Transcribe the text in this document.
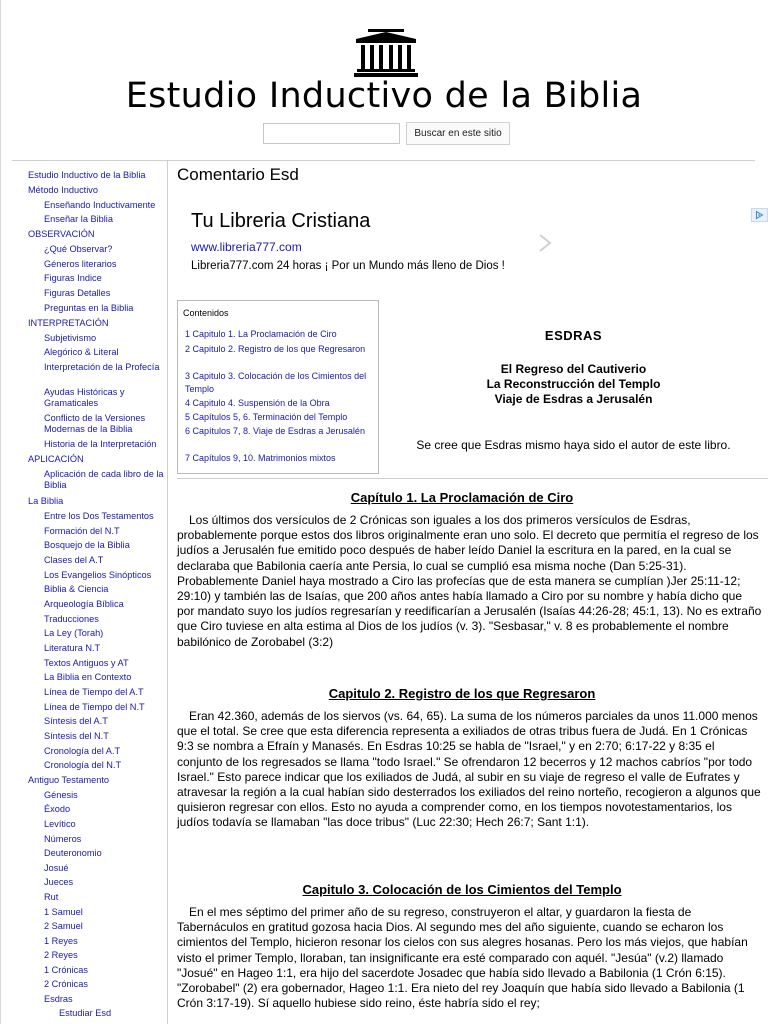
Estudio Inductivo de la Biblia
Buscar en este sitio
Estudio Inductivo de la Biblia
Método Inductivo
Enseñando Inductivamente
Enseñar la Biblia
OBSERVACIÓN
¿Qué Observar?
Géneros literarios
Figuras Indice
Figuras Detalles
Preguntas en la Biblia
INTERPRETACIÓN
Subjetivismo
Alegórico & Literal
Interpretación de la Profecía
Ayudas Históricas y Gramaticales
Conflicto de la Versiones Modernas de la Biblia
Historia de la Interpretación
APLICACIÓN
Aplicación de cada libro de la Biblia
La Biblia
Entre los Dos Testamentos
Formación del N.T
Bosquejo de la Biblia
Clases del A.T
Los Evangelios Sinópticos
Biblia & Ciencia
Arqueología Bíblica
Traducciones
La Ley (Torah)
Literatura N.T
Textos Antiguos y AT
La Biblia en Contexto
Línea de Tiempo del A.T
Línea de Tiempo del N.T
Síntesis del A.T
Síntesis del N.T
Cronología del A.T
Cronología del N.T
Antiguo Testamento
Génesis
Éxodo
Levítico
Números
Deuteronomio
Josué
Jueces
Rut
1 Samuel
2 Samuel
1 Reyes
2 Reyes
1 Crónicas
2 Crónicas
Esdras
Estudiar Esd
Comentario Esd
Tu Libreria Cristiana
www.libreria777.com
Libreria777.com 24 horas ¡ Por un Mundo más lleno de Dios !
Contenidos
1 Capitulo 1. La Proclamación de Ciro
2 Capitulo 2. Registro de los que Regresaron
3 Capitulo 3. Colocación de los Cimientos del Templo
4 Capitulo 4. Suspensión de la Obra
5 Capítulos 5, 6. Terminación del Templo
6 Capítulos 7, 8. Viaje de Esdras a Jerusalén
7 Capítulos 9, 10. Matrimonios mixtos
ESDRAS
El Regreso del Cautiverio
La Reconstrucción del Templo
Viaje de Esdras a Jerusalén
Se cree que Esdras mismo haya sido el autor de este libro.
Capítulo 1. La Proclamación de Ciro

Los últimos dos versículos de 2 Crónicas son iguales a los dos primeros versículos de Esdras, probablemente porque estos dos libros originalmente eran uno solo. El decreto que permitía el regreso de los judíos a Jerusalén fue emitido poco después de haber leído Daniel la escritura en la pared, en la cual se declaraba que Babilonia caería ante Persia, lo cual se cumplió esa misma noche (Dan 5:25-31). Probablemente Daniel haya mostrado a Ciro las profecías que de esta manera se cumplían )Jer 25:11-12; 29:10) y también las de Isaías, que 200 años antes había llamado a Ciro por su nombre y había dicho que por mandato suyo los judíos regresarían y reedificarían a Jerusalén (Isaías 44:26-28; 45:1, 13). No es extraño que Ciro tuviese en alta estima al Dios de los judíos (v. 3). "Sesbasar," v. 8 es probablemente el nombre babilónico de Zorobabel (3:2)

Capitulo 2. Registro de los que Regresaron

Eran 42.360, además de los siervos (vs. 64, 65). La suma de los números parciales da unos 11.000 menos que el total. Se cree que esta diferencia representa a exiliados de otras tribus fuera de Judá. En 1 Crónicas 9:3 se nombra a Efraín y Manasés. En Esdras 10:25 se habla de "Israel," y en 2:70; 6:17-22 y 8:35 el conjunto de los regresados se llama "todo Israel." Se ofrendaron 12 becerros y 12 machos cabríos "por todo Israel." Esto parece indicar que los exiliados de Judá, al subir en su viaje de regreso el valle de Eufrates y atravesar la región a la cual habían sido desterrados los exiliados del reino norteño, recogieron a algunos que quisieron regresar con ellos. Esto no ayuda a comprender como, en los tiempos novotestamentarios, los judíos todavía se llamaban "las doce tribus" (Luc 22:30; Hech 26:7; Sant 1:1).

Capitulo 3. Colocación de los Cimientos del Templo

En el mes séptimo del primer año de su regreso, construyeron el altar, y guardaron la fiesta de Tabernáculos en gratitud gozosa hacia Dios. Al segundo mes del año siguiente, cuando se echaron los cimientos del Templo, hicieron resonar los cielos con sus alegres hosanas. Pero los más viejos, que habían visto el primer Templo, lloraban, tan insignificante era esté comparado con aquél. "Jesúa" (v.2) llamado "Josué" en Hageo 1:1, era hijo del sacerdote Josadec que había sido llevado a Babilonia (1 Crón 6:15). "Zorobabel" (2) era gobernador, Hageo 1:1. Era nieto del rey Joaquín que había sido llevado a Babilonia (1 Crón 3:17-19). Sí aquello hubiese sido reino, éste habría sido el rey;
